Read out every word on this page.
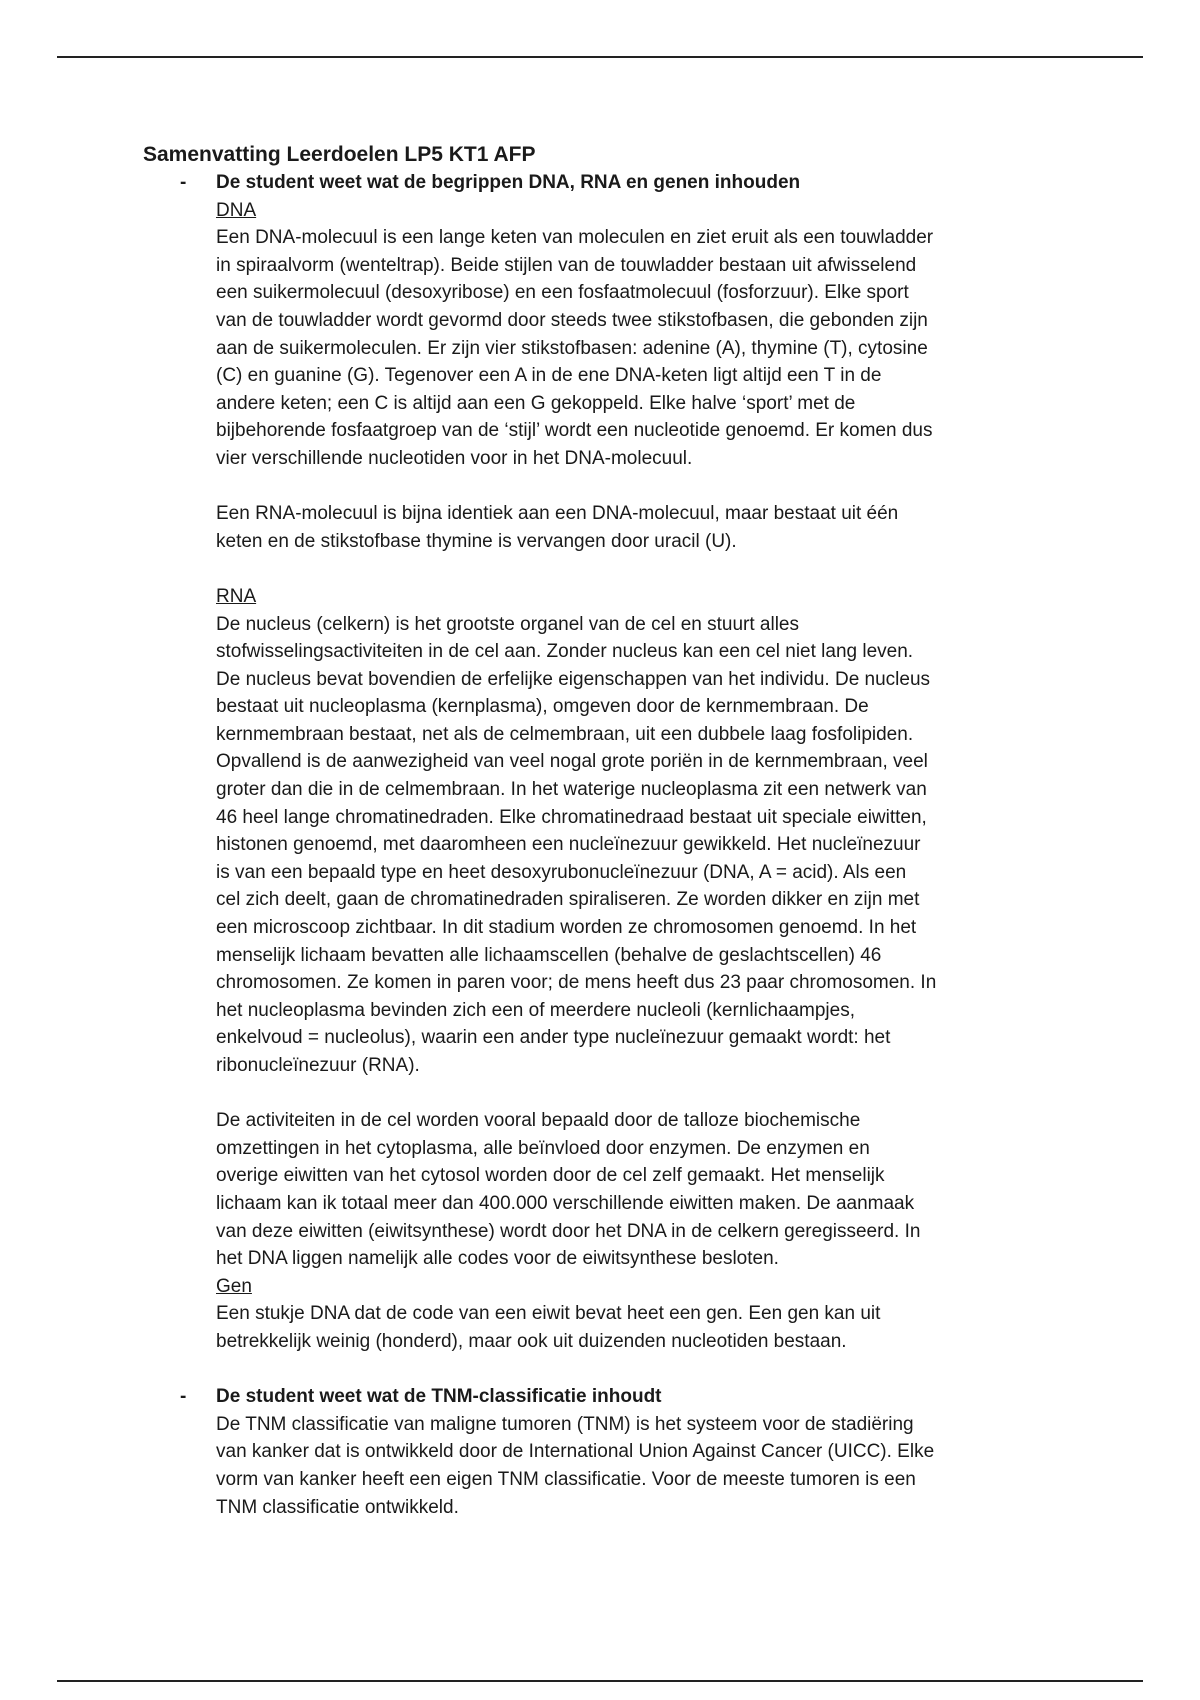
Samenvatting Leerdoelen LP5 KT1 AFP
- De student weet wat de begrippen DNA, RNA en genen inhouden

DNA

Een DNA-molecuul is een lange keten van moleculen en ziet eruit als een touwladder
in spiraalvorm (wenteltrap). Beide stijlen van de touwladder bestaan uit afwisselend
een suikermolecuul (desoxyribose) en een fosfaatmolecuul (fosforzuur). Elke sport
van de touwladder wordt gevormd door steeds twee stikstofbasen, die gebonden zijn
aan de suikermoleculen. Er zijn vier stikstofbasen: adenine (A), thymine (T), cytosine
(C) en guanine (G). Tegenover een A in de ene DNA-keten ligt altijd een T in de
andere keten; een C is altijd aan een G gekoppeld. Elke halve ‘sport’ met de
bijbehorende fosfaatgroep van de ‘stijl’ wordt een nucleotide genoemd. Er komen dus
vier verschillende nucleotiden voor in het DNA-molecuul.

Een RNA-molecuul is bijna identiek aan een DNA-molecuul, maar bestaat uit één
keten en de stikstofbase thymine is vervangen door uracil (U).

RNA

De nucleus (celkern) is het grootste organel van de cel en stuurt alles
stofwisselingsactiviteiten in de cel aan. Zonder nucleus kan een cel niet lang leven.
De nucleus bevat bovendien de erfelijke eigenschappen van het individu. De nucleus
bestaat uit nucleoplasma (kernplasma), omgeven door de kernmembraan. De
kernmembraan bestaat, net als de celmembraan, uit een dubbele laag fosfolipiden.
Opvallend is de aanwezigheid van veel nogal grote poriën in de kernmembraan, veel
groter dan die in de celmembraan. In het waterige nucleoplasma zit een netwerk van
46 heel lange chromatinedraden. Elke chromatinedraad bestaat uit speciale eiwitten,
histonen genoemd, met daaromheen een nucleïnezuur gewikkeld. Het nucleïnezuur
is van een bepaald type en heet desoxyrubonucleïnezuur (DNA, A = acid). Als een
cel zich deelt, gaan de chromatinedraden spiraliseren. Ze worden dikker en zijn met
een microscoop zichtbaar. In dit stadium worden ze chromosomen genoemd. In het
menselijk lichaam bevatten alle lichaamscellen (behalve de geslachtscellen) 46
chromosomen. Ze komen in paren voor; de mens heeft dus 23 paar chromosomen. In
het nucleoplasma bevinden zich een of meerdere nucleoli (kernlichaampjes,
enkelvoud = nucleolus), waarin een ander type nucleïnezuur gemaakt wordt: het
ribonucleïnezuur (RNA).

De activiteiten in de cel worden vooral bepaald door de talloze biochemische
omzettingen in het cytoplasma, alle beïnvloed door enzymen. De enzymen en
overige eiwitten van het cytosol worden door de cel zelf gemaakt. Het menselijk
lichaam kan ik totaal meer dan 400.000 verschillende eiwitten maken. De aanmaak
van deze eiwitten (eiwitsynthese) wordt door het DNA in de celkern geregisseerd. In
het DNA liggen namelijk alle codes voor de eiwitsynthese besloten.

Gen

Een stukje DNA dat de code van een eiwit bevat heet een gen. Een gen kan uit
betrekkelijk weinig (honderd), maar ook uit duizenden nucleotiden bestaan.

- De student weet wat de TNM-classificatie inhoudt

De TNM classificatie van maligne tumoren (TNM) is het systeem voor de stadiëring
van kanker dat is ontwikkeld door de International Union Against Cancer (UICC). Elke
vorm van kanker heeft een eigen TNM classificatie. Voor de meeste tumoren is een
TNM classificatie ontwikkeld.
